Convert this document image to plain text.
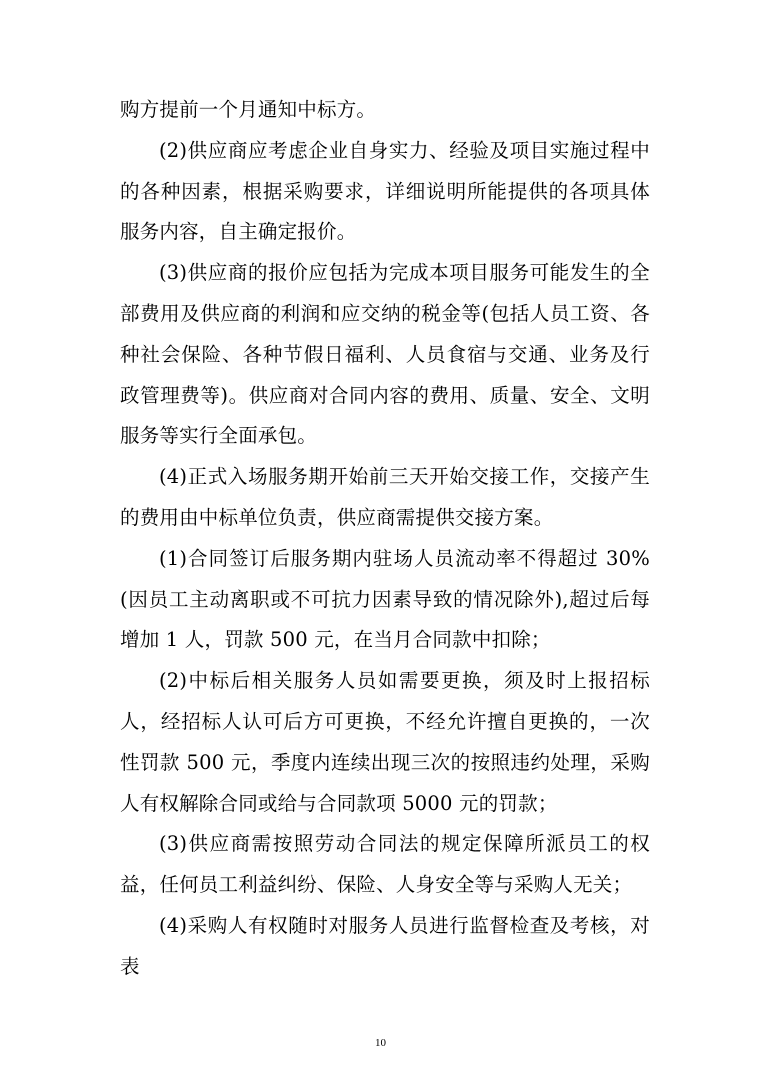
购方提前一个月通知中标方。

(2)供应商应考虑企业自身实力、经验及项目实施过程中的各种因素，根据采购要求，详细说明所能提供的各项具体服务内容，自主确定报价。

(3)供应商的报价应包括为完成本项目服务可能发生的全部费用及供应商的利润和应交纳的税金等(包括人员工资、各种社会保险、各种节假日福利、人员食宿与交通、业务及行政管理费等)。供应商对合同内容的费用、质量、安全、文明服务等实行全面承包。

(4)正式入场服务期开始前三天开始交接工作，交接产生的费用由中标单位负责，供应商需提供交接方案。

(1)合同签订后服务期内驻场人员流动率不得超过 30%(因员工主动离职或不可抗力因素导致的情况除外),超过后每增加 1 人，罚款 500 元，在当月合同款中扣除；

(2)中标后相关服务人员如需要更换，须及时上报招标人，经招标人认可后方可更换，不经允许擅自更换的，一次性罚款 500 元，季度内连续出现三次的按照违约处理，采购人有权解除合同或给与合同款项 5000 元的罚款；

(3)供应商需按照劳动合同法的规定保障所派员工的权益，任何员工利益纠纷、保险、人身安全等与采购人无关；

(4)采购人有权随时对服务人员进行监督检查及考核，对表

10
